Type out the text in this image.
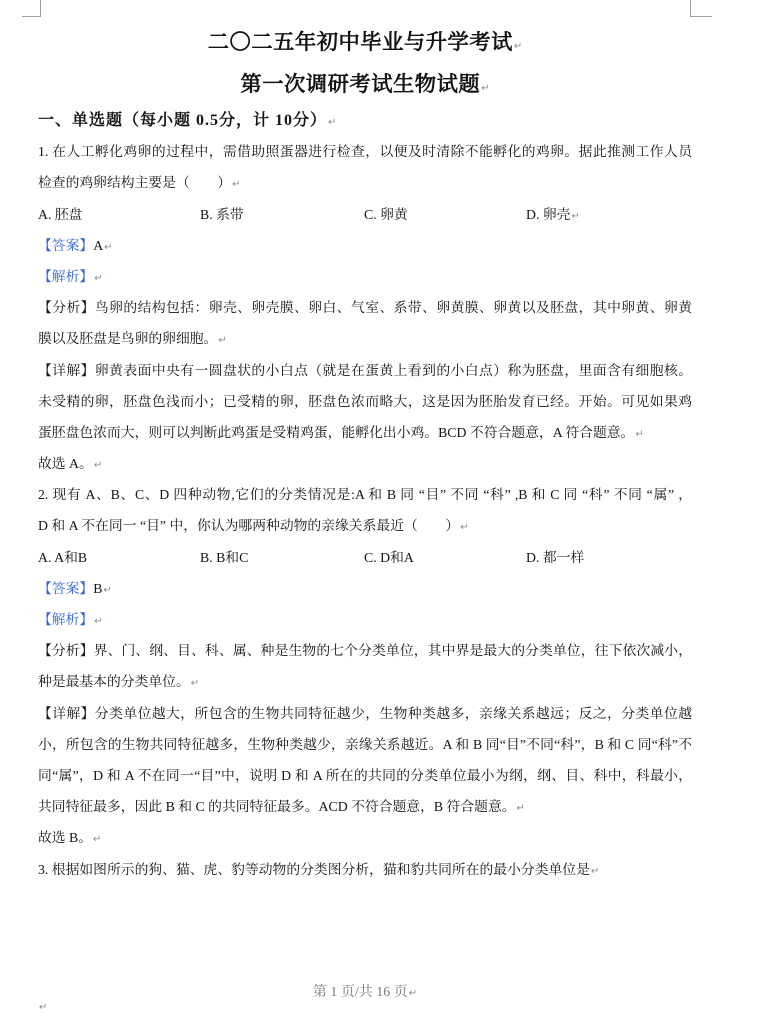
二〇二五年初中毕业与升学考试↵
第一次调研考试生物试题↵
一、单选题（每小题 0.5分，计 10分）↵
1. 在人工孵化鸡卵的过程中，需借助照蛋器进行检查，以便及时清除不能孵化的鸡卵。据此推测工作人员
检查的鸡卵结构主要是（　　）↵
A. 胚盘	B. 系带	C. 卵黄	D. 卵壳↵
【答案】A↵
【解析】↵
【分析】鸟卵的结构包括：卵壳、卵壳膜、卵白、气室、系带、卵黄膜、卵黄以及胚盘，其中卵黄、卵黄
膜以及胚盘是鸟卵的卵细胞。↵
【详解】卵黄表面中央有一圆盘状的小白点（就是在蛋黄上看到的小白点）称为胚盘，里面含有细胞核。
未受精的卵，胚盘色浅而小；已受精的卵，胚盘色浓而略大，这是因为胚胎发育已经。开始。可见如果鸡
蛋胚盘色浓而大，则可以判断此鸡蛋是受精鸡蛋，能孵化出小鸡。BCD 不符合题意，A 符合题意。↵
故选 A。↵
2. 现有 A、B、C、D 四种动物,它们的分类情况是:A 和 B 同 “目” 不同 “科” ,B 和 C 同 “科” 不同 “属” ，
D 和 A 不在同一 “目” 中，你认为哪两种动物的亲缘关系最近（　　）↵
A. A和B	B. B和C	C. D和A	D. 都一样
【答案】B↵
【解析】↵
【分析】界、门、纲、目、科、属、种是生物的七个分类单位，其中界是最大的分类单位，往下依次减小，
种是最基本的分类单位。↵
【详解】分类单位越大，所包含的生物共同特征越少，生物种类越多，亲缘关系越远；反之，分类单位越
小，所包含的生物共同特征越多，生物种类越少，亲缘关系越近。A 和 B 同“目”不同“科”，B 和 C 同“科”不
同“属”，D 和 A 不在同一“目”中，说明 D 和 A 所在的共同的分类单位最小为纲，纲、目、科中，科最小，
共同特征最多，因此 B 和 C 的共同特征最多。ACD 不符合题意，B 符合题意。↵
故选 B。↵
3. 根据如图所示的狗、猫、虎、豹等动物的分类图分析，猫和豹共同所在的最小分类单位是↵
第 1 页/共 16 页↵
↵
